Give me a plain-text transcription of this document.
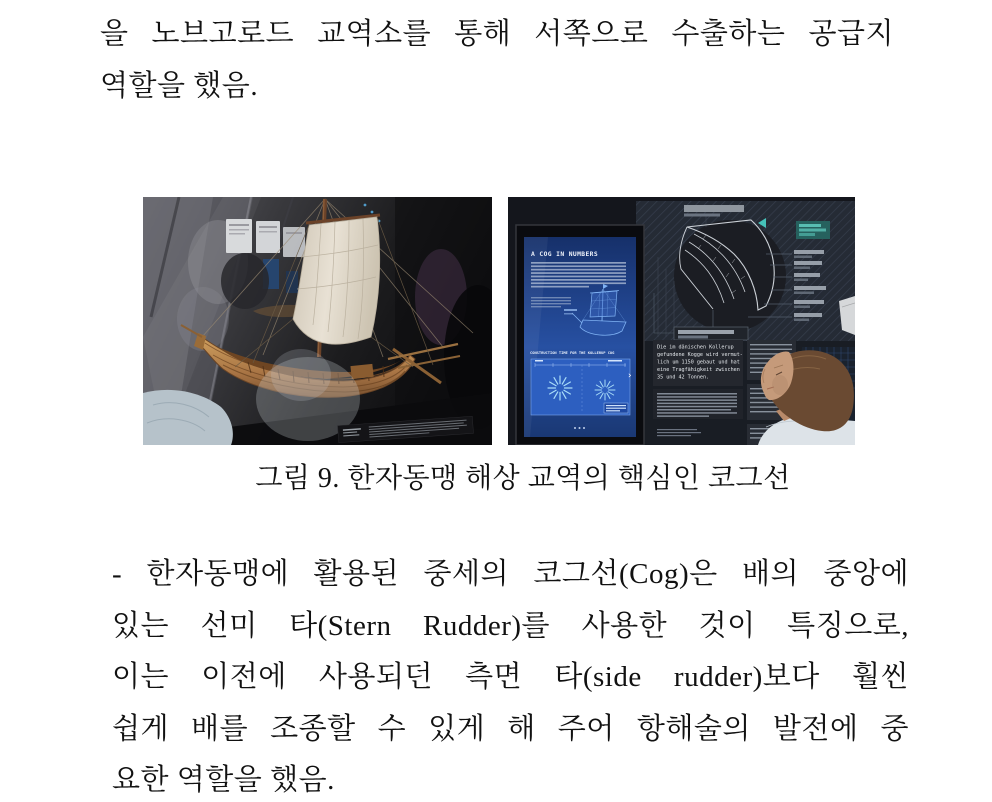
을 노브고로드 교역소를 통해 서쪽으로 수출하는 공급지
역할을 했음.
A COG IN NUMBERS
CONSTRUCTION TIME FOR THE KOLLERUP COG
›
Die im dänischen Kollerup
gefundene Kogge wird vermut-
lich um 1150 gebaut und hat
eine Tragfähigkeit zwischen
35 und 42 Tonnen.
그림 9. 한자동맹 해상 교역의 핵심인 코그선
- 한자동맹에 활용된 중세의 코그선(Cog)은 배의 중앙에
있는 선미 타(Stern Rudder)를 사용한 것이 특징으로,
이는 이전에 사용되던 측면 타(side rudder)보다 훨씬
쉽게 배를 조종할 수 있게 해 주어 항해술의 발전에 중
요한 역할을 했음.
